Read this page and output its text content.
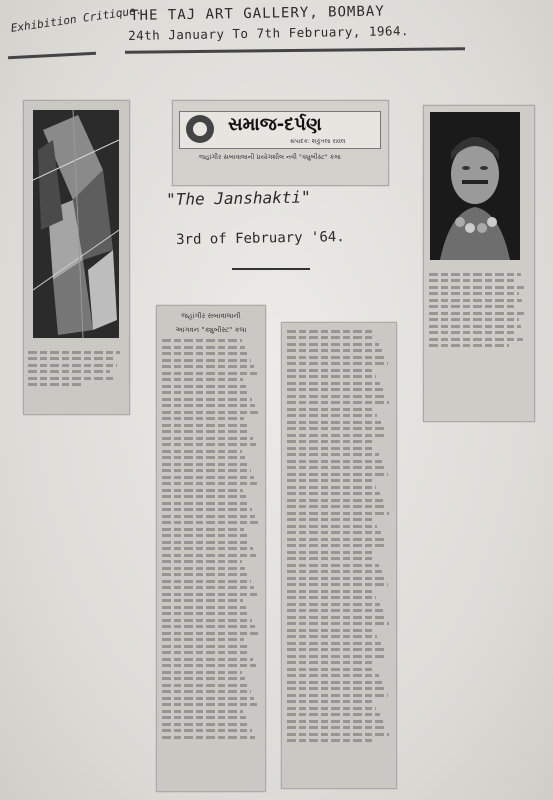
Exhibition Critique.
THE TAJ ART GALLERY, BOMBAY
24th January To 7th February, 1964.
સમાજ-દર્પણ
સંપાદક: શકુંતલા રાવલ
જહાંગીર સબાવાલાની પ્રયોગશીલ નવી "ક્યુબીસ્ટ" કલા
"The Janshakti"
3rd of February '64.
જહાંગીર સબાવાલાની
આગવન "ક્યુબીસ્ટ" કલા
